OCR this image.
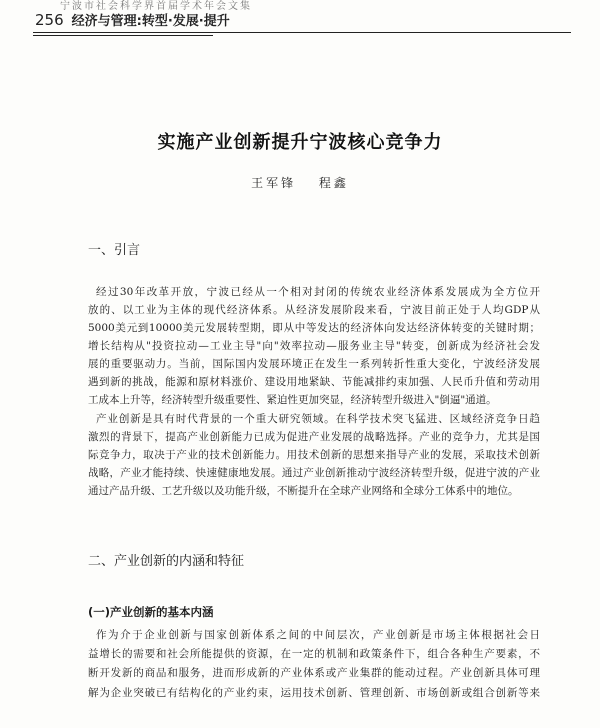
宁波市社会科学界首届学术年会文集
256 经济与管理:转型·发展·提升
实施产业创新提升宁波核心竞争力
王军锋 程鑫
一、引言
经过30年改革开放，宁波已经从一个相对封闭的传统农业经济体系发展成为全方位开
放的、以工业为主体的现代经济体系。从经济发展阶段来看，宁波目前正处于人均GDP从
5000美元到10000美元发展转型期，即从中等发达的经济体向发达经济体转变的关键时期；
增长结构从"投资拉动—工业主导"向"效率拉动—服务业主导"转变，创新成为经济社会发
展的重要驱动力。当前，国际国内发展环境正在发生一系列转折性重大变化，宁波经济发展
遇到新的挑战，能源和原材料涨价、建设用地紧缺、节能减排约束加强、人民币升值和劳动用
工成本上升等，经济转型升级重要性、紧迫性更加突显，经济转型升级进入"倒逼"通道。
产业创新是具有时代背景的一个重大研究领域。在科学技术突飞猛进、区域经济竞争日趋
激烈的背景下，提高产业创新能力已成为促进产业发展的战略选择。产业的竞争力，尤其是国
际竞争力，取决于产业的技术创新能力。用技术创新的思想来指导产业的发展，采取技术创新
战略，产业才能持续、快速健康地发展。通过产业创新推动宁波经济转型升级，促进宁波的产业
通过产品升级、工艺升级以及功能升级，不断提升在全球产业网络和全球分工体系中的地位。
二、产业创新的内涵和特征
(一)产业创新的基本内涵
作为介于企业创新与国家创新体系之间的中间层次，产业创新是市场主体根据社会日
益增长的需要和社会所能提供的资源，在一定的机制和政策条件下，组合各种生产要素，不
断开发新的商品和服务，进而形成新的产业体系或产业集群的能动过程。产业创新具体可理
解为企业突破已有结构化的产业约束，运用技术创新、管理创新、市场创新或组合创新等来
